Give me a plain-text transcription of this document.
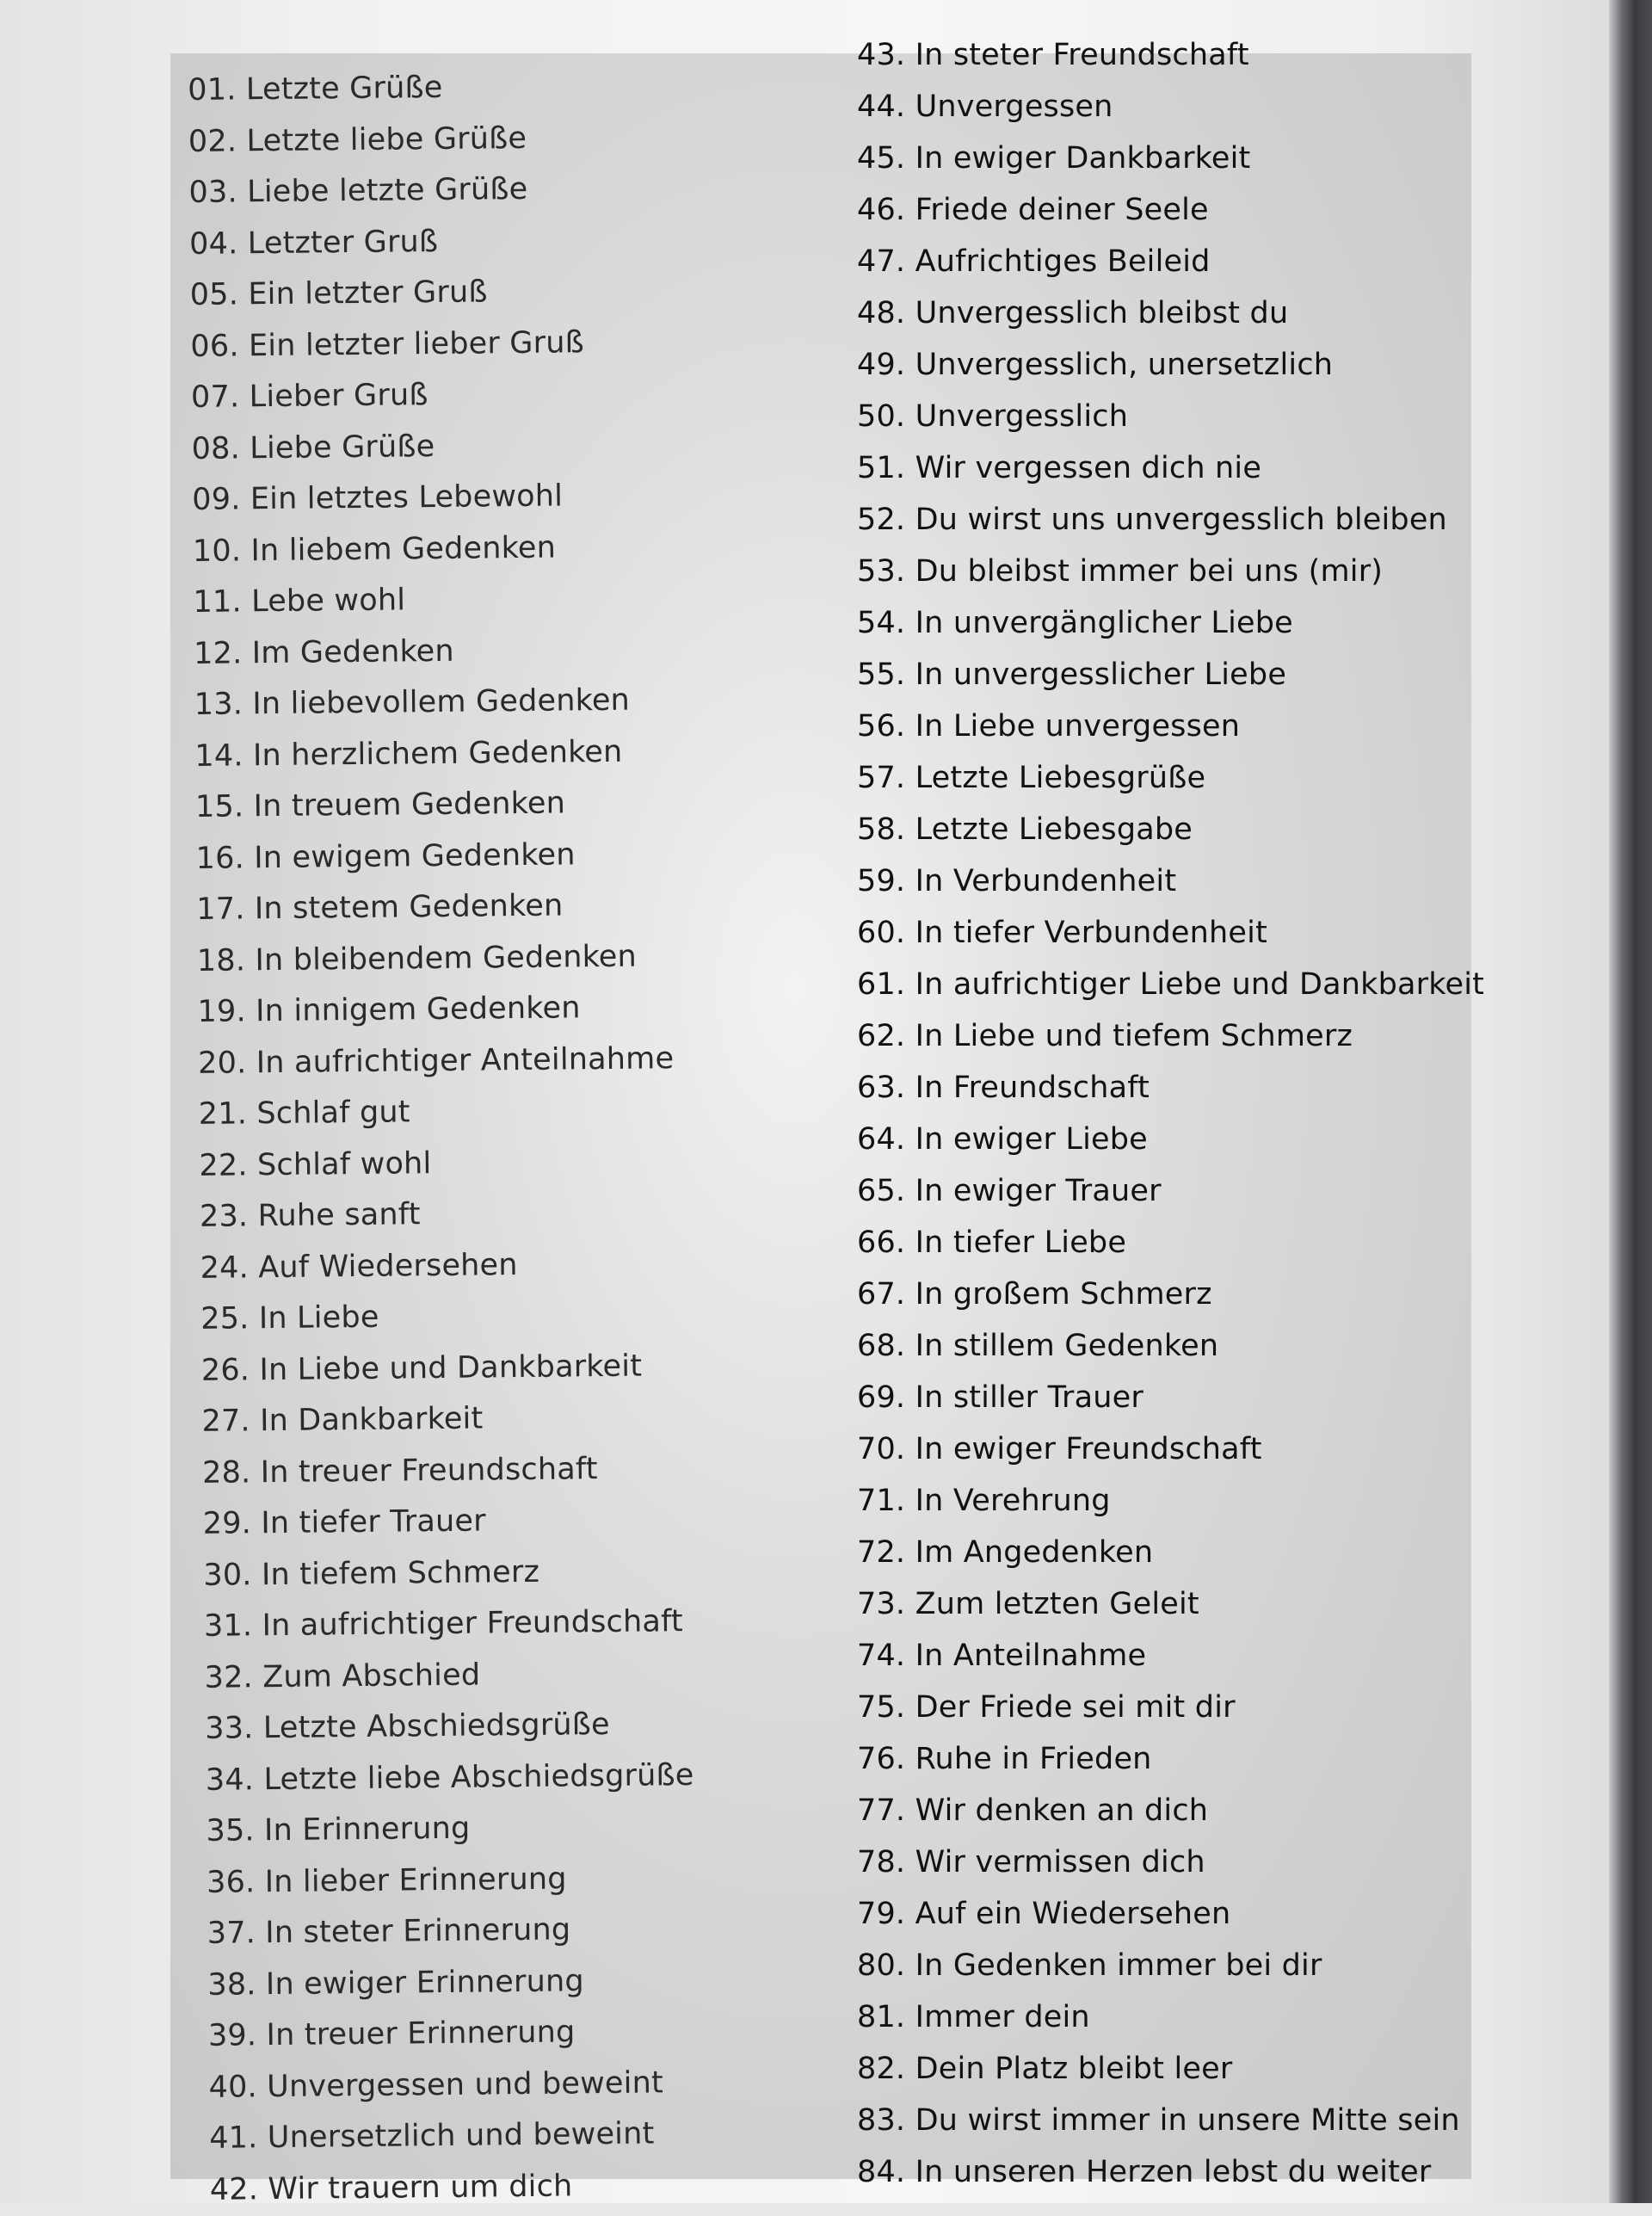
01. Letzte Grüße
02. Letzte liebe Grüße
03. Liebe letzte Grüße
04. Letzter Gruß
05. Ein letzter Gruß
06. Ein letzter lieber Gruß
07. Lieber Gruß
08. Liebe Grüße
09. Ein letztes Lebewohl
10. In liebem Gedenken
11. Lebe wohl
12. Im Gedenken
13. In liebevollem Gedenken
14. In herzlichem Gedenken
15. In treuem Gedenken
16. In ewigem Gedenken
17. In stetem Gedenken
18. In bleibendem Gedenken
19. In innigem Gedenken
20. In aufrichtiger Anteilnahme
21. Schlaf gut
22. Schlaf wohl
23. Ruhe sanft
24. Auf Wiedersehen
25. In Liebe
26. In Liebe und Dankbarkeit
27. In Dankbarkeit
28. In treuer Freundschaft
29. In tiefer Trauer
30. In tiefem Schmerz
31. In aufrichtiger Freundschaft
32. Zum Abschied
33. Letzte Abschiedsgrüße
34. Letzte liebe Abschiedsgrüße
35. In Erinnerung
36. In lieber Erinnerung
37. In steter Erinnerung
38. In ewiger Erinnerung
39. In treuer Erinnerung
40. Unvergessen und beweint
41. Unersetzlich und beweint
42. Wir trauern um dich
43. In steter Freundschaft
44. Unvergessen
45. In ewiger Dankbarkeit
46. Friede deiner Seele
47. Aufrichtiges Beileid
48. Unvergesslich bleibst du
49. Unvergesslich, unersetzlich
50. Unvergesslich
51. Wir vergessen dich nie
52. Du wirst uns unvergesslich bleiben
53. Du bleibst immer bei uns (mir)
54. In unvergänglicher Liebe
55. In unvergesslicher Liebe
56. In Liebe unvergessen
57. Letzte Liebesgrüße
58. Letzte Liebesgabe
59. In Verbundenheit
60. In tiefer Verbundenheit
61. In aufrichtiger Liebe und Dankbarkeit
62. In Liebe und tiefem Schmerz
63. In Freundschaft
64. In ewiger Liebe
65. In ewiger Trauer
66. In tiefer Liebe
67. In großem Schmerz
68. In stillem Gedenken
69. In stiller Trauer
70. In ewiger Freundschaft
71. In Verehrung
72. Im Angedenken
73. Zum letzten Geleit
74. In Anteilnahme
75. Der Friede sei mit dir
76. Ruhe in Frieden
77. Wir denken an dich
78. Wir vermissen dich
79. Auf ein Wiedersehen
80. In Gedenken immer bei dir
81. Immer dein
82. Dein Platz bleibt leer
83. Du wirst immer in unsere Mitte sein
84. In unseren Herzen lebst du weiter
